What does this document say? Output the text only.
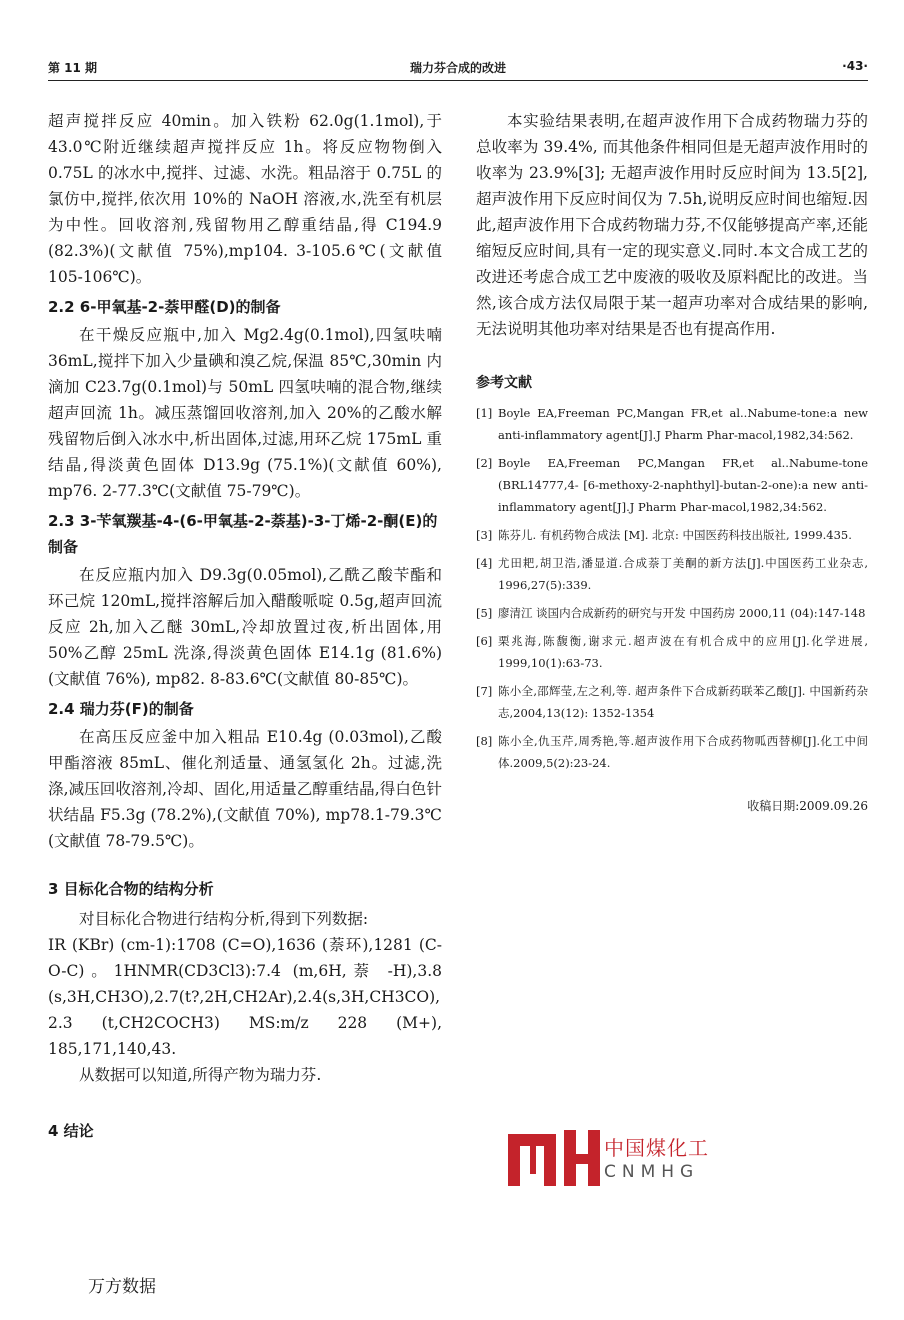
第 11 期	瑞力芬合成的改进	·43·

超声搅拌反应 40min。加入铁粉 62.0g(1.1mol),于 43.0℃附近继续超声搅拌反应 1h。将反应物物倒入 0.75L 的冰水中,搅拌、过滤、水洗。粗品溶于 0.75L 的氯仿中,搅拌,依次用 10%的 NaOH 溶液,水,洗至有机层为中性。回收溶剂,残留物用乙醇重结晶,得 C194.9 (82.3%)(文献值 75%),mp104. 3-105.6℃(文献值 105-106℃)。

2.2 6-甲氧基-2-萘甲醛(D)的制备

在干燥反应瓶中,加入 Mg2.4g(0.1mol),四氢呋喃 36mL,搅拌下加入少量碘和溴乙烷,保温 85℃,30min 内滴加 C23.7g(0.1mol)与 50mL 四氢呋喃的混合物,继续超声回流 1h。减压蒸馏回收溶剂,加入 20%的乙酸水解残留物后倒入冰水中,析出固体,过滤,用环乙烷 175mL 重结晶,得淡黄色固体 D13.9g (75.1%)(文献值 60%), mp76. 2-77.3℃(文献值 75-79℃)。

2.3 3-苄氧羰基-4-(6-甲氧基-2-萘基)-3-丁烯-2-酮(E)的制备

在反应瓶内加入 D9.3g(0.05mol),乙酰乙酸苄酯和环己烷 120mL,搅拌溶解后加入醋酸哌啶 0.5g,超声回流反应 2h,加入乙醚 30mL,冷却放置过夜,析出固体,用 50%乙醇 25mL 洗涤,得淡黄色固体 E14.1g (81.6%)(文献值 76%), mp82. 8-83.6℃(文献值 80-85℃)。

2.4 瑞力芬(F)的制备

在高压反应釜中加入粗品 E10.4g (0.03mol),乙酸甲酯溶液 85mL、催化剂适量、通氢氢化 2h。过滤,洗涤,减压回收溶剂,冷却、固化,用适量乙醇重结晶,得白色针状结晶 F5.3g (78.2%),(文献值 70%), mp78.1-79.3℃(文献值 78-79.5℃)。

3 目标化合物的结构分析

对目标化合物进行结构分析,得到下列数据:

IR (KBr) (cm-1):1708 (C=O),1636 (萘环),1281 (C-O-C)。1HNMR(CD3Cl3):7.4 (m,6H,萘 -H),3.8 (s,3H,CH3O),2.7(t?,2H,CH2Ar),2.4(s,3H,CH3CO), 2.3 (t,CH2COCH3) MS:m/z 228 (M+), 185,171,140,43.

从数据可以知道,所得产物为瑞力芬.

4 结论

本实验结果表明,在超声波作用下合成药物瑞力芬的总收率为 39.4%, 而其他条件相同但是无超声波作用时的收率为 23.9%[3]; 无超声波作用时反应时间为 13.5[2],超声波作用下反应时间仅为 7.5h,说明反应时间也缩短.因此,超声波作用下合成药物瑞力芬,不仅能够提高产率,还能缩短反应时间,具有一定的现实意义.同时.本文合成工艺的改进还考虑合成工艺中废液的吸收及原料配比的改进。当然,该合成方法仅局限于某一超声功率对合成结果的影响, 无法说明其他功率对结果是否也有提高作用.

参考文献
[1] Boyle EA,Freeman PC,Mangan FR,et al..Nabume-tone:a new anti-inflammatory agent[J].J Pharm Phar-macol,1982,34:562.
[2] Boyle EA,Freeman PC,Mangan FR,et al..Nabume-tone (BRL14777,4- [6-methoxy-2-naphthyl]-butan-2-one):a new anti-inflammatory agent[J].J Pharm Phar-macol,1982,34:562.
[3] 陈芬儿. 有机药物合成法 [M]. 北京: 中国医药科技出版社, 1999.435.
[4] 尤田耙,胡卫浩,潘显道.合成萘丁美酮的新方法[J].中国医药工业杂志, 1996,27(5):339.
[5] 廖清江 谈国内合成新药的研究与开发 中国药房 2000,11 (04):147-148
[6] 栗兆海,陈馥衡,谢求元.超声波在有机合成中的应用[J].化学进展, 1999,10(1):63-73.
[7] 陈小全,邵辉莹,左之利,等. 超声条件下合成新药联苯乙酸[J]. 中国新药杂志,2004,13(12): 1352-1354
[8] 陈小全,仇玉芹,周秀艳,等.超声波作用下合成药物呱西替柳[J].化工中间体.2009,5(2):23-24.
收稿日期:2009.09.26
中国煤化工
CNMHG
万方数据
